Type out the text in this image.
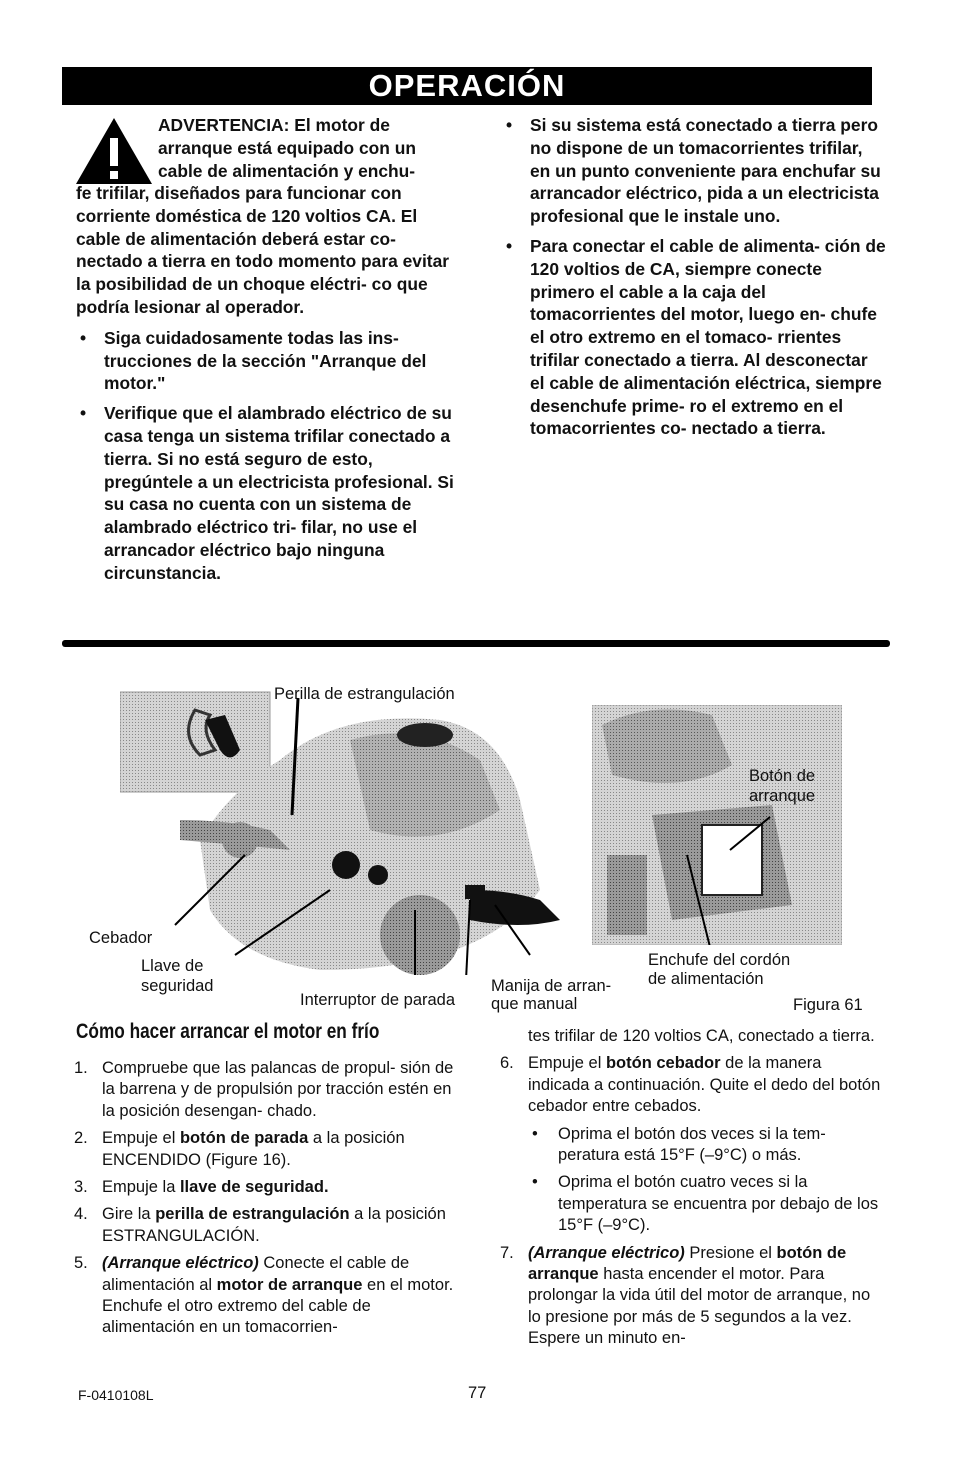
OPERACIÓN

ADVERTENCIA: El motor de

arranque está equipado con un

cable de alimentación y enchu-

fe trifilar, diseñados para funcionar con corriente doméstica de 120 voltios CA. El cable de alimentación deberá estar co- nectado a tierra en todo momento para evitar la posibilidad de un choque eléctri- co que podría lesionar al operador.

• Siga cuidadosamente todas las ins- trucciones de la sección "Arranque del motor."

• Verifique que el alambrado eléctrico de su casa tenga un sistema trifilar conectado a tierra. Si no está seguro de esto, pregúntele a un electricista profesional. Si su casa no cuenta con un sistema de alambrado eléctrico tri- filar, no use el arrancador eléctrico bajo ninguna circunstancia.

• Si su sistema está conectado a tierra pero no dispone de un tomacorrientes trifilar, en un punto conveniente para enchufar su arrancador eléctrico, pida a un electricista profesional que le instale uno.

• Para conectar el cable de alimenta- ción de 120 voltios de CA, siempre conecte primero el cable a la caja del tomacorrientes del motor, luego en- chufe el otro extremo en el tomaco- rrientes trifilar conectado a tierra. Al desconectar el cable de alimentación eléctrica, siempre desenchufe prime- ro el extremo en el tomacorrientes co- nectado a tierra.

Perilla de estrangulación
Cebador
Llave de
seguridad
Interruptor de parada
Manija de arran-
que manual
Botón de
arranque
Enchufe del cordón
de alimentación
Figura 61
Cómo hacer arrancar el motor en frío

1. Compruebe que las palancas de propul- sión de la barrena y de propulsión por tracción estén en la posición desengan- chado.

2. Empuje el botón de parada a la posición ENCENDIDO (Figure 16).

3. Empuje la llave de seguridad.

4. Gire la perilla de estrangulación a la posición ESTRANGULACIÓN.

5. (Arranque eléctrico) Conecte el cable de alimentación al motor de arranque en el motor. Enchufe el otro extremo del cable de alimentación en un tomacorrien-

tes trifilar de 120 voltios CA, conectado a tierra.

6. Empuje el botón cebador de la manera indicada a continuación. Quite el dedo del botón cebador entre cebados.

• Oprima el botón dos veces si la tem- peratura está 15°F (–9°C) o más.

• Oprima el botón cuatro veces si la temperatura se encuentra por debajo de los 15°F (–9°C).

7. (Arranque eléctrico) Presione el botón de arranque hasta encender el motor. Para prolongar la vida útil del motor de arranque, no lo presione por más de 5 segundos a la vez. Espere un minuto en-

F-0410108L	77
